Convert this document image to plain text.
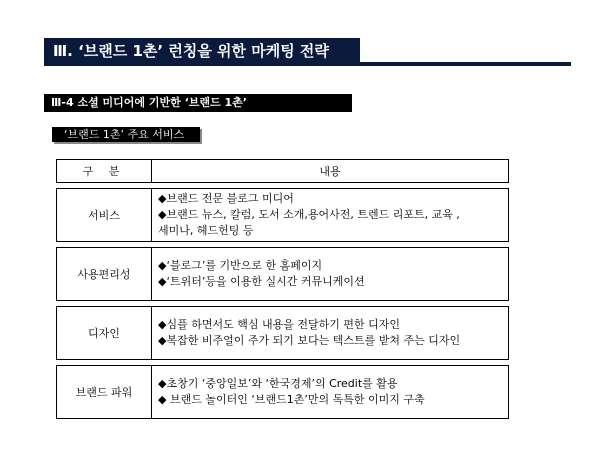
Ⅲ. ‘브랜드 1촌’ 런칭을 위한 마케팅 전략
Ⅲ-4 소셜 미디어에 기반한 ‘브랜드 1촌’
‘브랜드 1촌’ 주요 서비스
구 분	내용

서비스	◆브랜드 전문 블로그 미디어
◆브랜드 뉴스, 칼럼, 도서 소개,용어사전, 트렌드 리포트, 교육 ,
세미나, 헤드헌팅 등

사용편리성	◆‘블로그’를 기반으로 한 홈페이지
◆‘트위터’등을 이용한 실시간 커뮤니케이션

디자인	◆심플 하면서도 핵심 내용을 전달하기 편한 디자인
◆복잡한 비주얼이 주가 되기 보다는 텍스트를 받쳐 주는 디자인

브랜드 파워	◆초창기 ‘중앙일보’와 ‘한국경제’의 Credit를 활용
◆ 브랜드 놀이터인 ‘브랜드1촌’만의 독특한 이미지 구축
